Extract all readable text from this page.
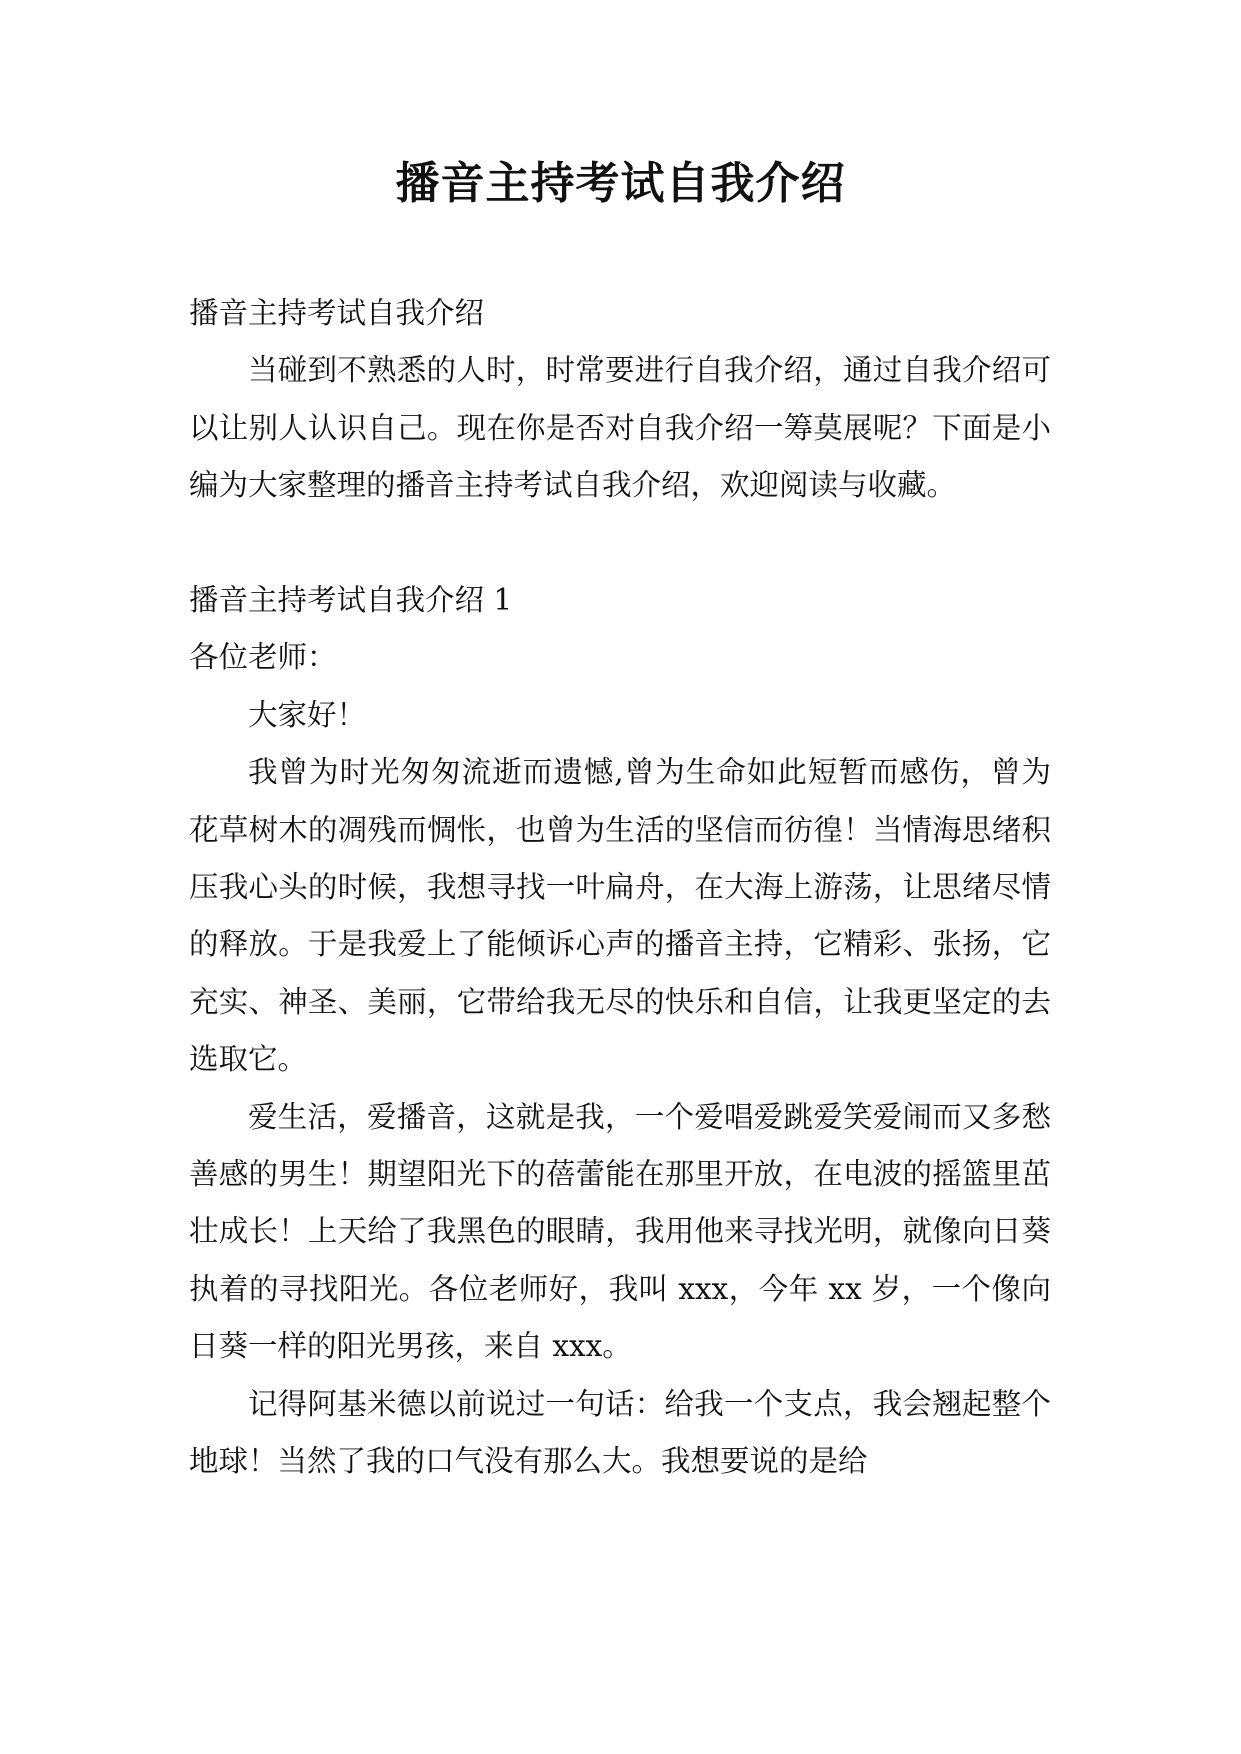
播音主持考试自我介绍

播音主持考试自我介绍

当碰到不熟悉的人时，时常要进行自我介绍，通过自我介绍可以让别人认识自己。现在你是否对自我介绍一筹莫展呢？下面是小编为大家整理的播音主持考试自我介绍，欢迎阅读与收藏。

播音主持考试自我介绍 1

各位老师：

大家好！

我曾为时光匆匆流逝而遗憾,曾为生命如此短暂而感伤，曾为花草树木的凋残而惆怅，也曾为生活的坚信而彷徨！当情海思绪积压我心头的时候，我想寻找一叶扁舟，在大海上游荡，让思绪尽情的释放。于是我爱上了能倾诉心声的播音主持，它精彩、张扬，它充实、神圣、美丽，它带给我无尽的快乐和自信，让我更坚定的去选取它。

爱生活，爱播音，这就是我，一个爱唱爱跳爱笑爱闹而又多愁善感的男生！期望阳光下的蓓蕾能在那里开放，在电波的摇篮里茁壮成长！上天给了我黑色的眼睛，我用他来寻找光明，就像向日葵执着的寻找阳光。各位老师好，我叫 xxx，今年 xx 岁，一个像向日葵一样的阳光男孩，来自 xxx。

记得阿基米德以前说过一句话：给我一个支点，我会翘起整个地球！当然了我的口气没有那么大。我想要说的是给
